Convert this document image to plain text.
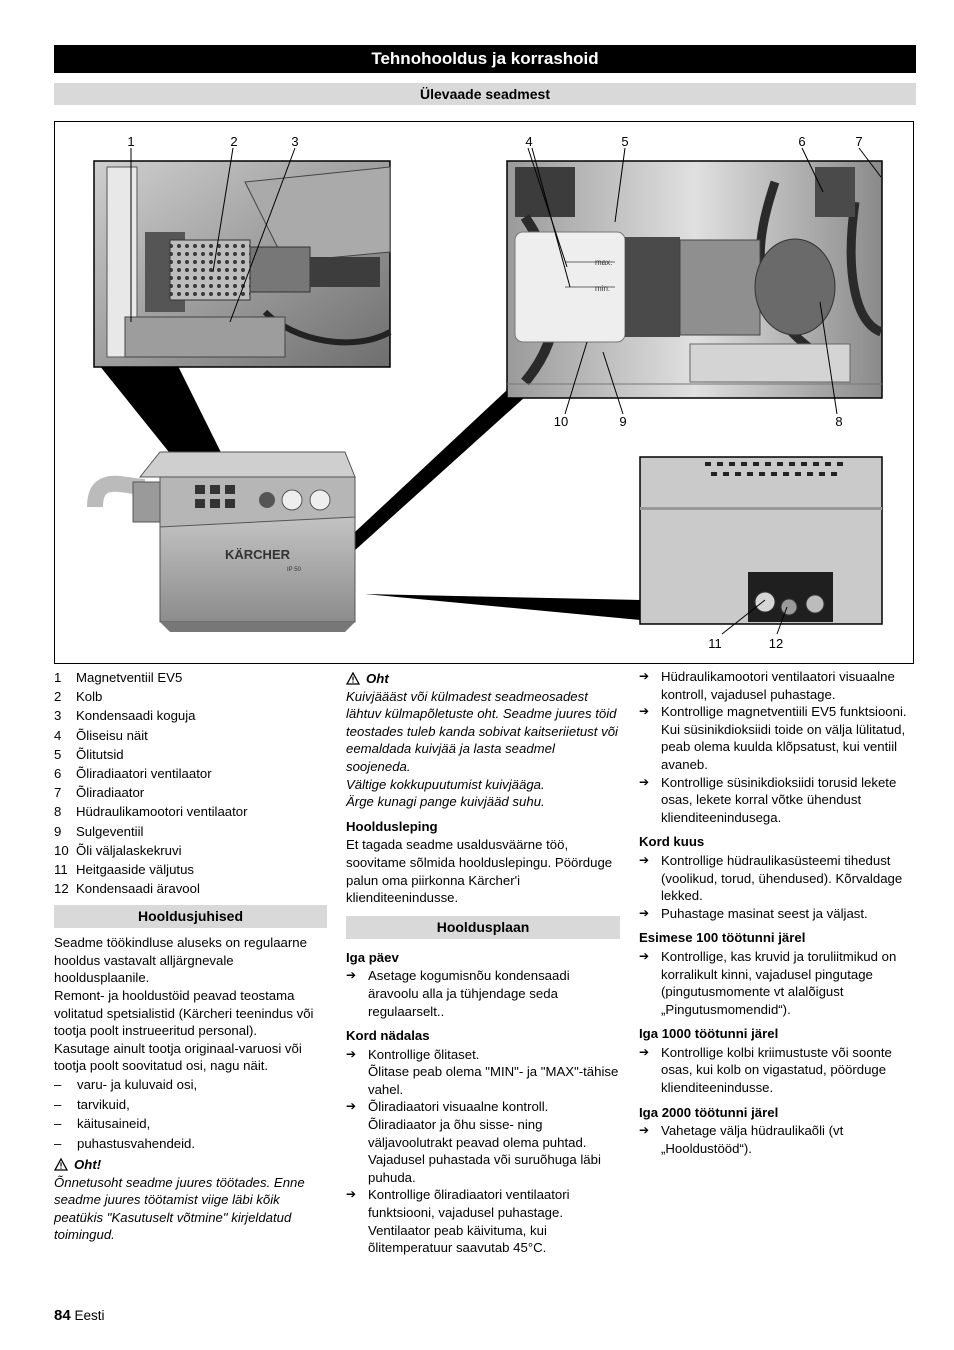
Tehnohooldus ja korrashoid
Ülevaade seadmest
max.
min.
KÄRCHER
IP 50
1	2	3	4	5	6	7
8
9
10
11	12
1	Magnetventiil EV5
2	Kolb
3	Kondensaadi koguja
4	Õliseisu näit
5	Õlitutsid
6	Õliradiaatori ventilaator
7	Õliradiaator
8	Hüdraulikamootori ventilaator
9	Sulgeventiil
10 Õli väljalaskekruvi
11 Heitgaaside väljutus
12 Kondensaadi äravool
Hooldusjuhised

Seadme töökindluse aluseks on regulaarne hooldus vastavalt alljärgnevale hooldusplaanile.

Remont- ja hooldustöid peavad teostama volitatud spetsialistid (Kärcheri teenindus või tootja poolt instrueeritud personal).

Kasutage ainult tootja originaal-varuosi või tootja poolt soovitatud osi, nagu näit.

–	varu- ja kuluvaid osi,
–	tarvikuid,
–	käitusaineid,
–	puhastusvahendeid.
Oht!

Õnnetusoht seadme juures töötades. Enne seadme juures töötamist viige läbi kõik peatükis "Kasutuselt võtmine" kirjeldatud toimingud.

Oht

Kuivjäääst või külmadest seadmeosadest lähtuv külmapõletuste oht. Seadme juures töid teostades tuleb kanda sobivat kaitseriietust või eemaldada kuivjää ja lasta seadmel soojeneda.

Vältige kokkupuutumist kuivjääga.

Ärge kunagi pange kuivjääd suhu.

Hooldusleping

Et tagada seadme usaldusväärne töö, soovitame sõlmida hoolduslepingu. Pöörduge palun oma piirkonna Kärcher'i klienditeenindusse.

Hooldusplaan
Iga päev
➔ Asetage kogumisnõu kondensaadi äravoolu alla ja tühjendage seda regulaarselt..
Kord nädalas
➔ Kontrollige õlitaset.
Õlitase peab olema "MIN"- ja "MAX"-tähise vahel.
➔ Õliradiaatori visuaalne kontroll.
Õliradiaator ja õhu sisse- ning väljavoolutrakt peavad olema puhtad. Vajadusel puhastada või suruõhuga läbi puhuda.
➔ Kontrollige õliradiaatori ventilaatori funktsiooni, vajadusel puhastage. Ventilaator peab käivituma, kui õlitemperatuur saavutab 45°C.
➔ Hüdraulikamootori ventilaatori visuaalne kontroll, vajadusel puhastage.
➔ Kontrollige magnetventiili EV5 funktsiooni. Kui süsinikdioksiidi toide on välja lülitatud, peab olema kuulda klõpsatust, kui ventiil avaneb.
➔ Kontrollige süsinikdioksiidi torusid lekete osas, lekete korral võtke ühendust klienditeenindusega.
Kord kuus
➔ Kontrollige hüdraulikasüsteemi tihedust (voolikud, torud, ühendused). Kõrvaldage lekked.
➔ Puhastage masinat seest ja väljast.
Esimese 100 töötunni järel
➔ Kontrollige, kas kruvid ja toruliitmikud on korralikult kinni, vajadusel pingutage (pingutusmomente vt alalõigust „Pingutusmomendid“).
Iga 1000 töötunni järel
➔ Kontrollige kolbi kriimustuste või soonte osas, kui kolb on vigastatud, pöörduge klienditeenindusse.
Iga 2000 töötunni järel
➔ Vahetage välja hüdraulikaõli (vt „Hooldustööd“).
84 Eesti
